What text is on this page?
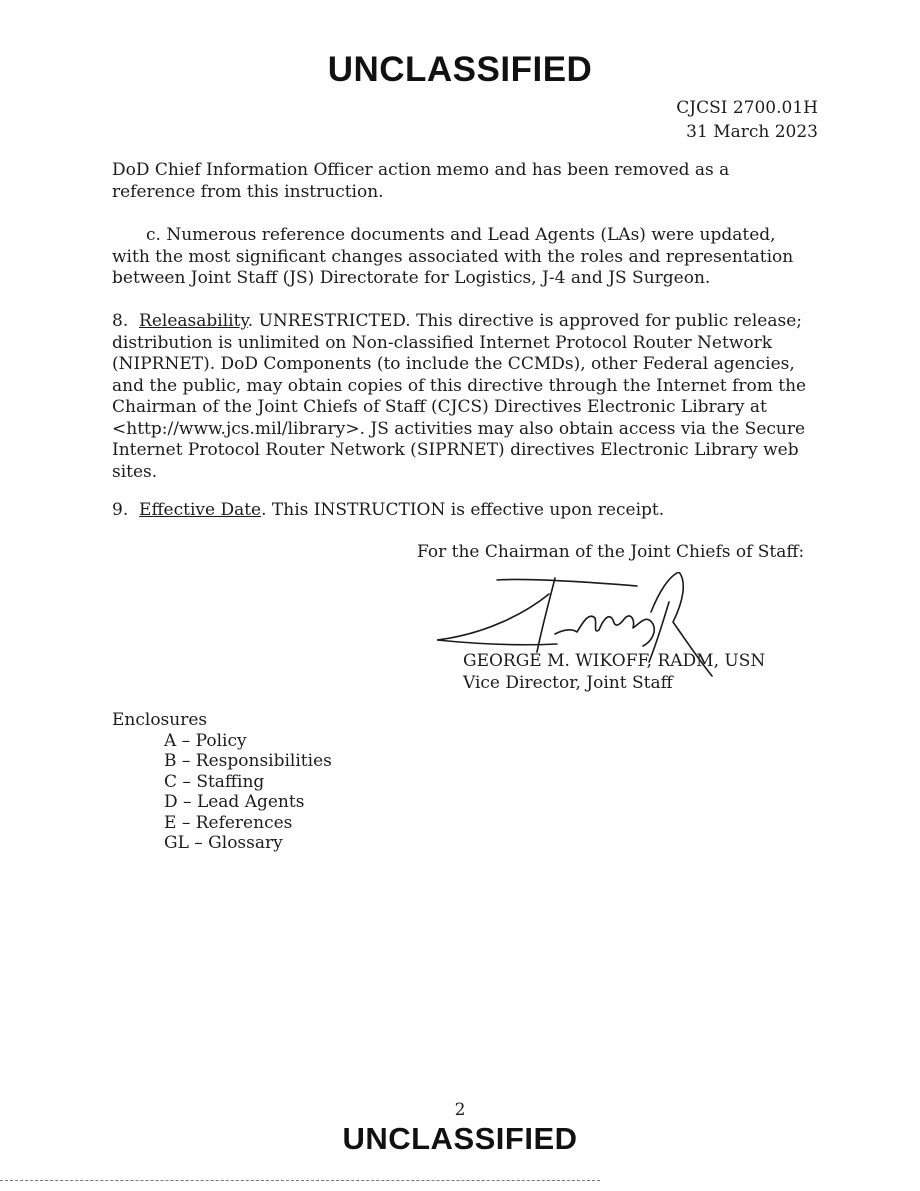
UNCLASSIFIED
CJCSI 2700.01H
31 March 2023

DoD Chief Information Officer action memo and has been removed as a reference from this instruction.

c. Numerous reference documents and Lead Agents (LAs) were updated, with the most significant changes associated with the roles and representation between Joint Staff (JS) Directorate for Logistics, J-4 and JS Surgeon.

8. Releasability. UNRESTRICTED. This directive is approved for public release; distribution is unlimited on Non-classified Internet Protocol Router Network (NIPRNET). DoD Components (to include the CCMDs), other Federal agencies, and the public, may obtain copies of this directive through the Internet from the Chairman of the Joint Chiefs of Staff (CJCS) Directives Electronic Library at <http://www.jcs.mil/library>. JS activities may also obtain access via the Secure Internet Protocol Router Network (SIPRNET) directives Electronic Library web sites.

9. Effective Date. This INSTRUCTION is effective upon receipt.

For the Chairman of the Joint Chiefs of Staff:
GEORGE M. WIKOFF, RADM, USN
Vice Director, Joint Staff
Enclosures
A – Policy
B – Responsibilities
C – Staffing
D – Lead Agents
E – References
GL – Glossary
2
UNCLASSIFIED
